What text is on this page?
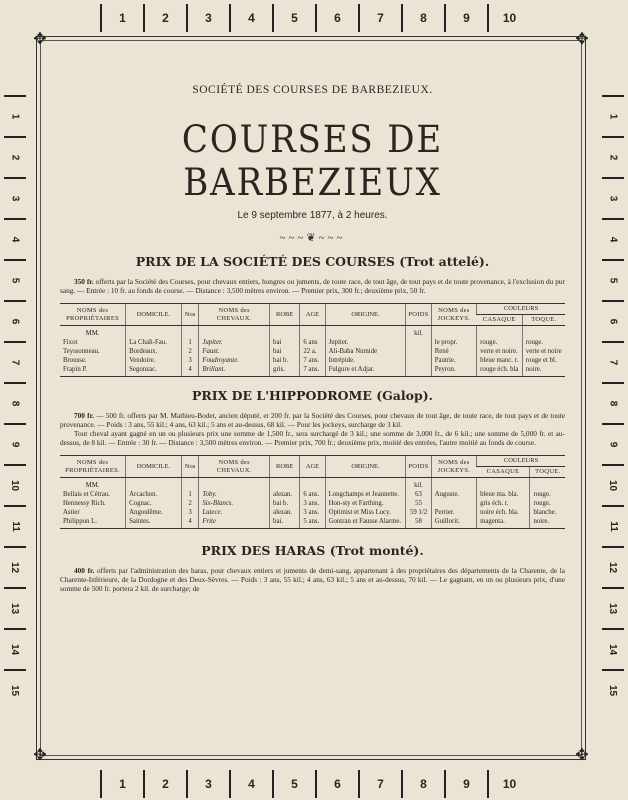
1	2	3	4	5	6	7	8	9	10
1	2	3	4	5	6	7	8	9	10
1
2
3
4
5
6
7
8
9
10
11
12
13
14
15
1
2
3
4
5
6
7
8
9
10
11
12
13
14
15
✥	✥
✥	✥
SOCIÉTÉ DES COURSES DE BARBEZIEUX.
COURSES DE BARBEZIEUX
Le 9 septembre 1877, à 2 heures.
~~~❦~~~
PRIX DE LA SOCIÉTÉ DES COURSES (Trot attelé).
350 fr. offerts par la Société des Courses, pour chevaux entiers, hongres ou juments, de toute race, de tout âge, de tout pays et de toute provenance, à l'exclusion du pur sang. — Entrée : 10 fr. au fonds de course. — Distance : 3,500 mètres environ. — Premier prix, 300 fr.; deuxième prix, 50 fr.
NOMS des PROPRIÉTAIRES	DOMICILE.	Nos	NOMS des CHEVAUX.	ROBE	AGE	ORIGINE.	POIDS	NOMS des JOCKEYS.	COULEURS	
									CASAQUE	TOQUE.
MM.							kil.			
Fixot	La Chaît-Fau.	1	Jupiter.	bai	6 ans	Jupiter.		le propr.	rouge.	rouge.
Teyssonneau.	Bordeaux.	2	Faust.	bai	22 a.	Ali-Baba Numide		René	verte et noire.	verte et noire
Brousse.	Vendoire.	3	Foudroyante.	bai b.	7 ans.	Intrépide.		Pautrie.	bleue manc. r.	rouge et bl.
Frapin P.	Segonzac.	4	Brillant.	gris.	7 ans.	Fulgure et Adjar.		Peyron.	rouge éch. bla	noire.
PRIX DE L'HIPPODROME (Galop).
700 fr. — 500 fr. offerts par M. Mathieu-Bodet, ancien député, et 200 fr. par la Société des Courses, pour chevaux de tout âge, de toute race, de tout pays et de toute provenance. — Poids : 3 ans, 55 kil.; 4 ans, 63 kil.; 5 ans et au-dessus, 68 kil. — Pour les jockeys, surcharge de 3 kil.
Tout cheval ayant gagné en un ou plusieurs prix une somme de 1,500 fr., sera surchargé de 3 kil.; une somme de 3,000 fr., de 6 kil.; une somme de 5,000 fr. et au-dessus, de 8 kil. — Entrée : 30 fr. — Distance : 3,500 mètres environ. — Premier prix, 700 fr.; deuxième prix, moitié des entrées, l'autre moitié au fonds de course.
NOMS des PROPRIÉTAIRES.	DOMICILE.	Nos	NOMS des CHEVAUX.	ROBE	AGE	ORIGINE.	POIDS	NOMS des JOCKEYS.	COULEURS	
									CASAQUE	TOQUE.
MM.							kil.			
Bellais et Cétrau.	Arcachon.	1	Toby.	alezan.	6 ans.	Longchamps et Jeannette.	63	Auguste.	bleue ma. bla.	rouge.
Hennessy Rich.	Cognac.	2	Six-Blancs.	bai b.	3 ans.	Hon-sty et Farthing.	55		gris éch. r.	rouge.
Astier	Angoulême.	3	Lutece.	alezan.	3 ans.	Optimist et Miss Lucy.	59 1/2	Perrier.	noire éch. bla.	blanche.
Philippon L.	Saintes.	4	Frite	bai.	5 ans.	Gontran et Fausse Alarme.	58	Guillorit.	magenta.	noire.
PRIX DES HARAS (Trot monté).
400 fr. offerts par l'administration des haras, pour chevaux entiers et juments de demi-sang, appartenant à des propriétaires des départements de la Charente, de la Charente-Inférieure, de la Dordogne et des Deux-Sèvres. — Poids : 3 ans, 55 kil.; 4 ans, 63 kil.; 5 ans et au-dessus, 70 kil. — Le gagnant, en un ou plusieurs prix, d'une somme de 500 fr. portera 2 kil. de surcharge; de
